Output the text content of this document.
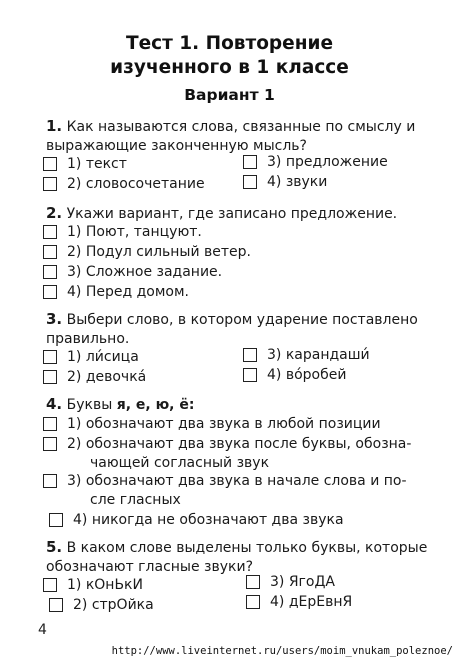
Тест 1. Повторение
изученного в 1 классе
Вариант 1
1. Как называются слова, связанные по смыслу и
выражающие законченную мысль?
1) текст
2) словосочетание
3) предложение
4) звуки
2. Укажи вариант, где записано предложение.
1) Поют, танцуют.
2) Подул сильный ветер.
3) Сложное задание.
4) Перед домом.
3. Выбери слово, в котором ударение поставлено
правильно.
1) ли́сица
2) девочка́
3) карандаши́
4) во́робей
4. Буквы я, е, ю, ё:
1) обозначают два звука в любой позиции
2) обозначают два звука после буквы, обозна-
чающей согласный звук
3) обозначают два звука в начале слова и по-
сле гласных
4) никогда не обозначают два звука
5. В каком слове выделены только буквы, которые
обозначают гласные звуки?
1) кОнЬкИ
2) стрОйка
3) ЯгоДА
4) дЕрЕвнЯ
4
http://www.liveinternet.ru/users/moim_vnukam_poleznoe/
